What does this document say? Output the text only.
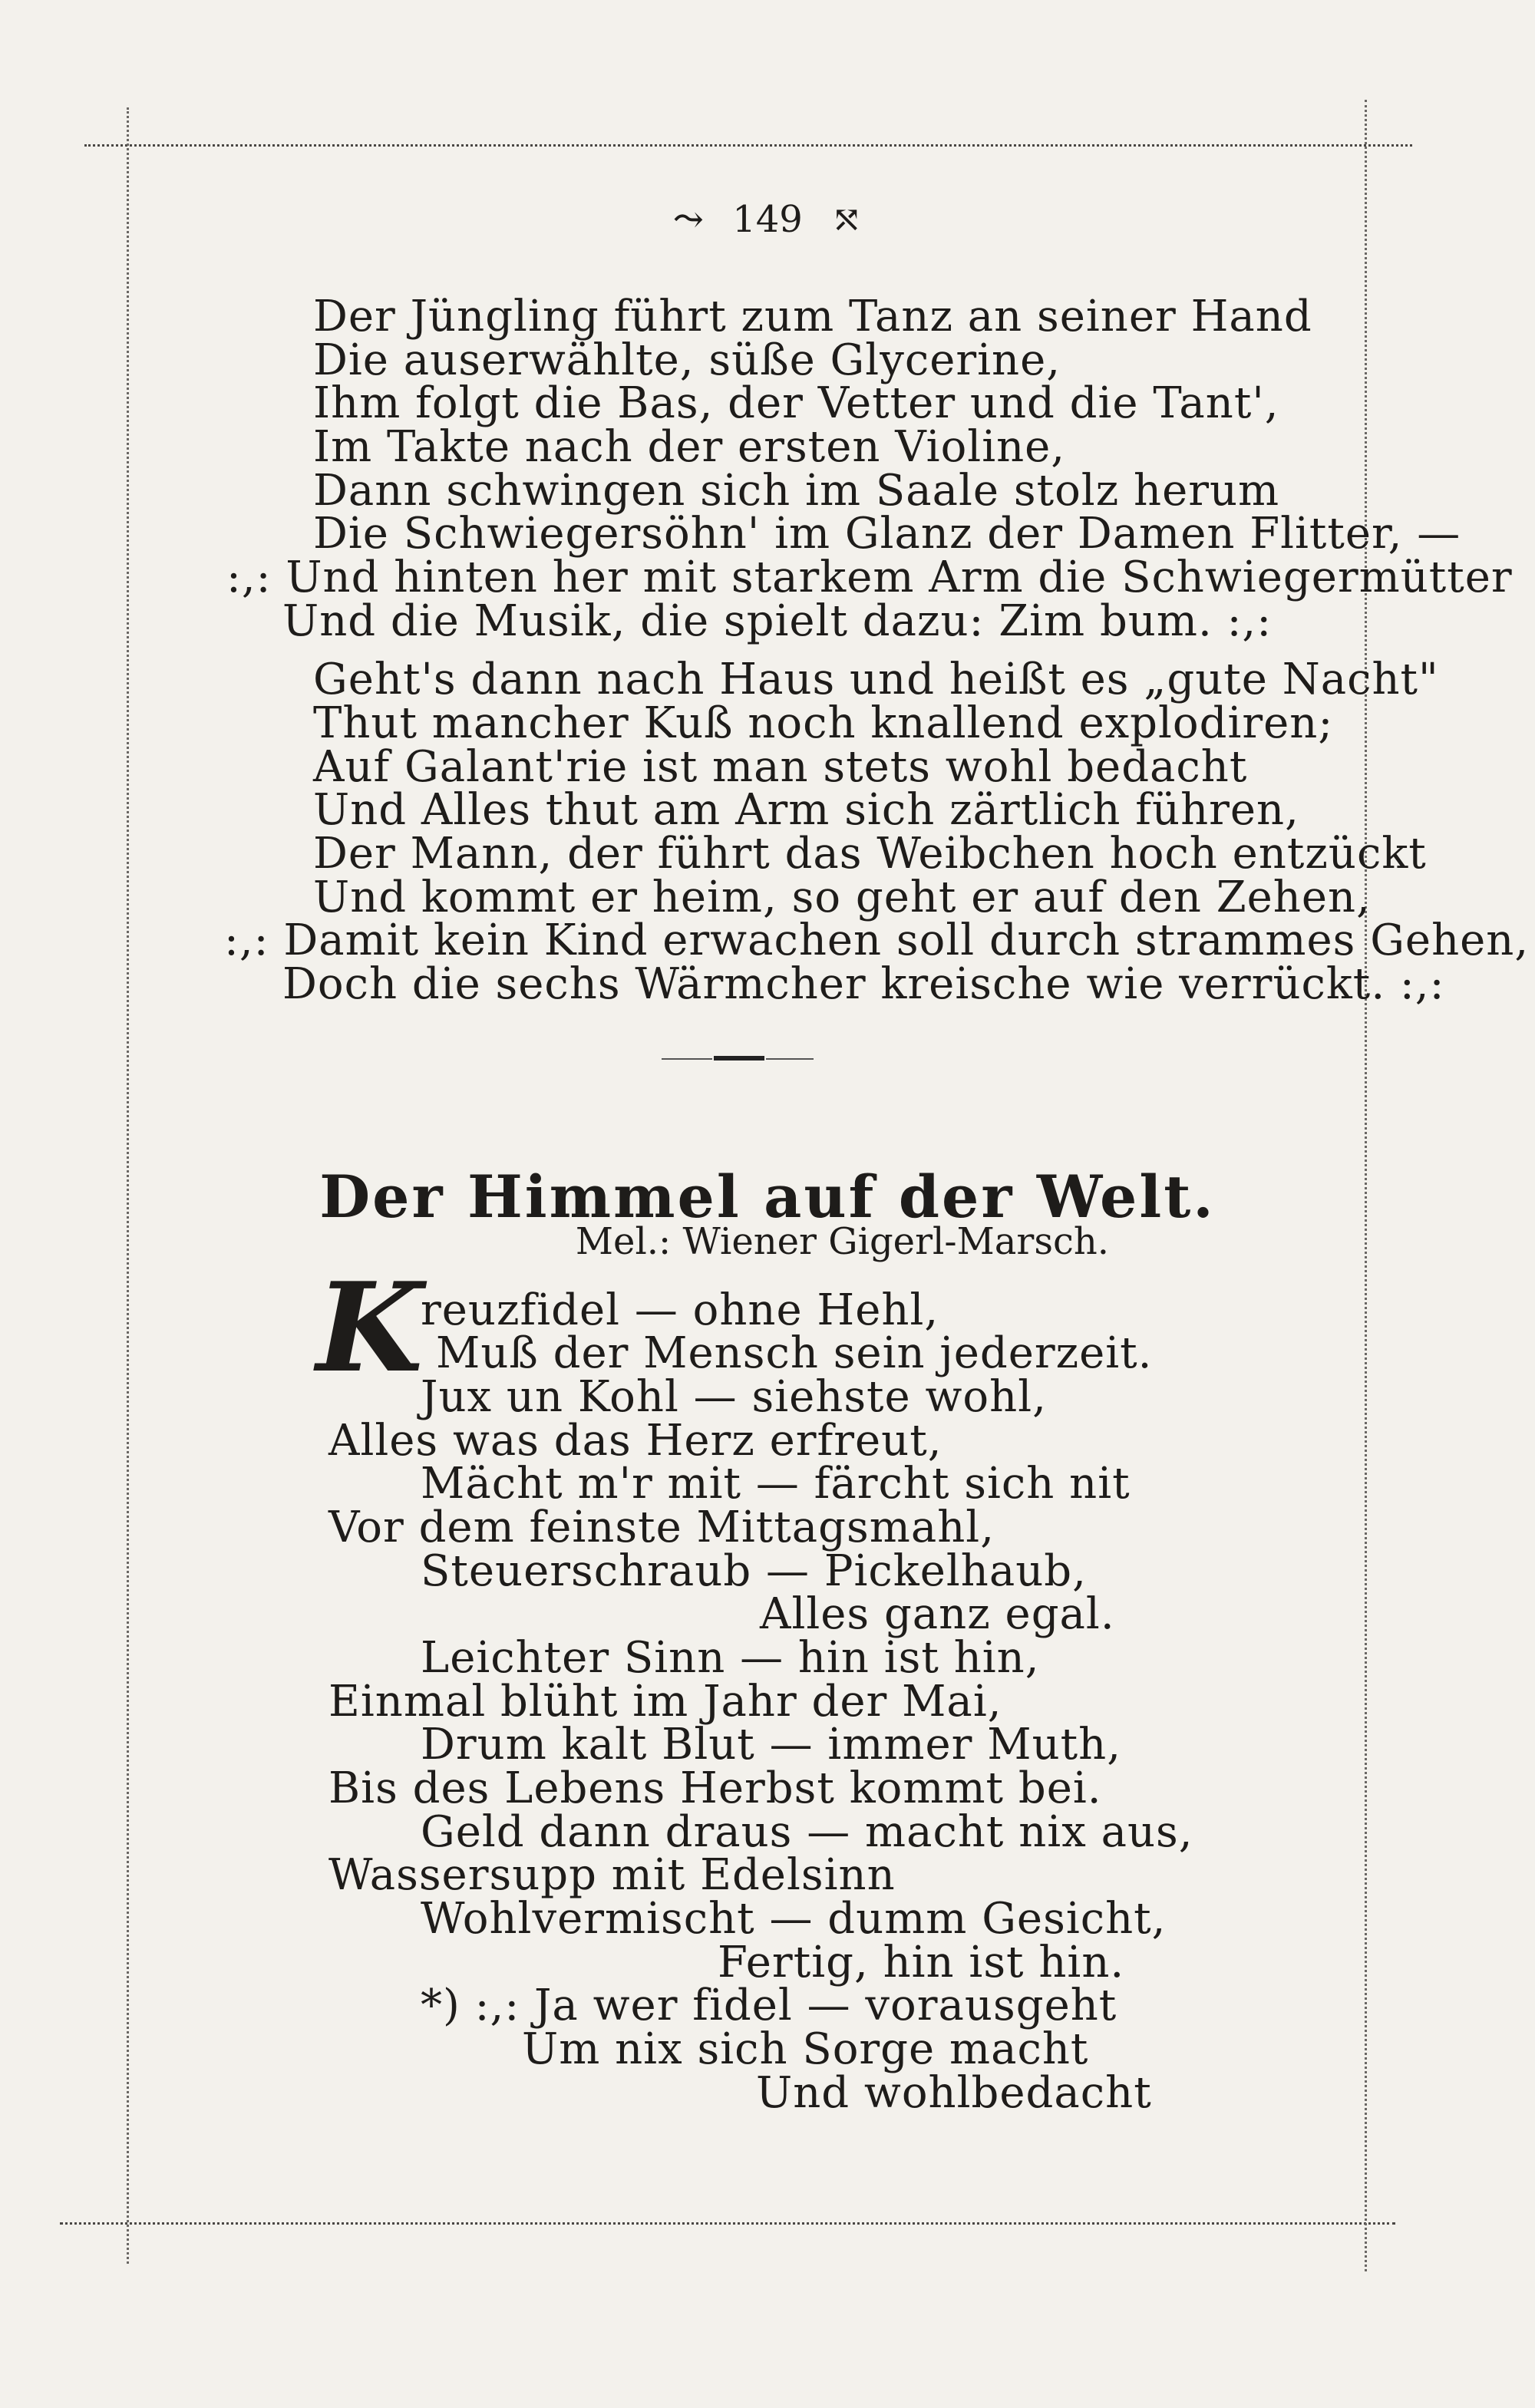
⤳ 149 ⤲
Der Jüngling führt zum Tanz an seiner Hand
Die auserwählte, süße Glycerine,
Ihm folgt die Bas, der Vetter und die Tant',
Im Takte nach der ersten Violine,
Dann schwingen sich im Saale stolz herum
Die Schwiegersöhn' im Glanz der Damen Flitter, —
:,: Und hinten her mit starkem Arm die Schwiegermütter
Und die Musik, die spielt dazu: Zim bum. :,:
Geht's dann nach Haus und heißt es „gute Nacht"
Thut mancher Kuß noch knallend explodiren;
Auf Galant'rie ist man stets wohl bedacht
Und Alles thut am Arm sich zärtlich führen,
Der Mann, der führt das Weibchen hoch entzückt
Und kommt er heim, so geht er auf den Zehen,
:,: Damit kein Kind erwachen soll durch strammes Gehen,
Doch die sechs Wärmcher kreische wie verrückt. :,:
Der Himmel auf der Welt.
Mel.: Wiener Gigerl-Marsch.
K
reuzfidel — ohne Hehl,
Muß der Mensch sein jederzeit.
Jux un Kohl — siehste wohl,
Alles was das Herz erfreut,
Mächt m'r mit — färcht sich nit
Vor dem feinste Mittagsmahl,
Steuerschraub — Pickelhaub,
Alles ganz egal.
Leichter Sinn — hin ist hin,
Einmal blüht im Jahr der Mai,
Drum kalt Blut — immer Muth,
Bis des Lebens Herbst kommt bei.
Geld dann draus — macht nix aus,
Wassersupp mit Edelsinn
Wohlvermischt — dumm Gesicht,
Fertig, hin ist hin.
*) :,: Ja wer fidel — vorausgeht
Um nix sich Sorge macht
Und wohlbedacht
